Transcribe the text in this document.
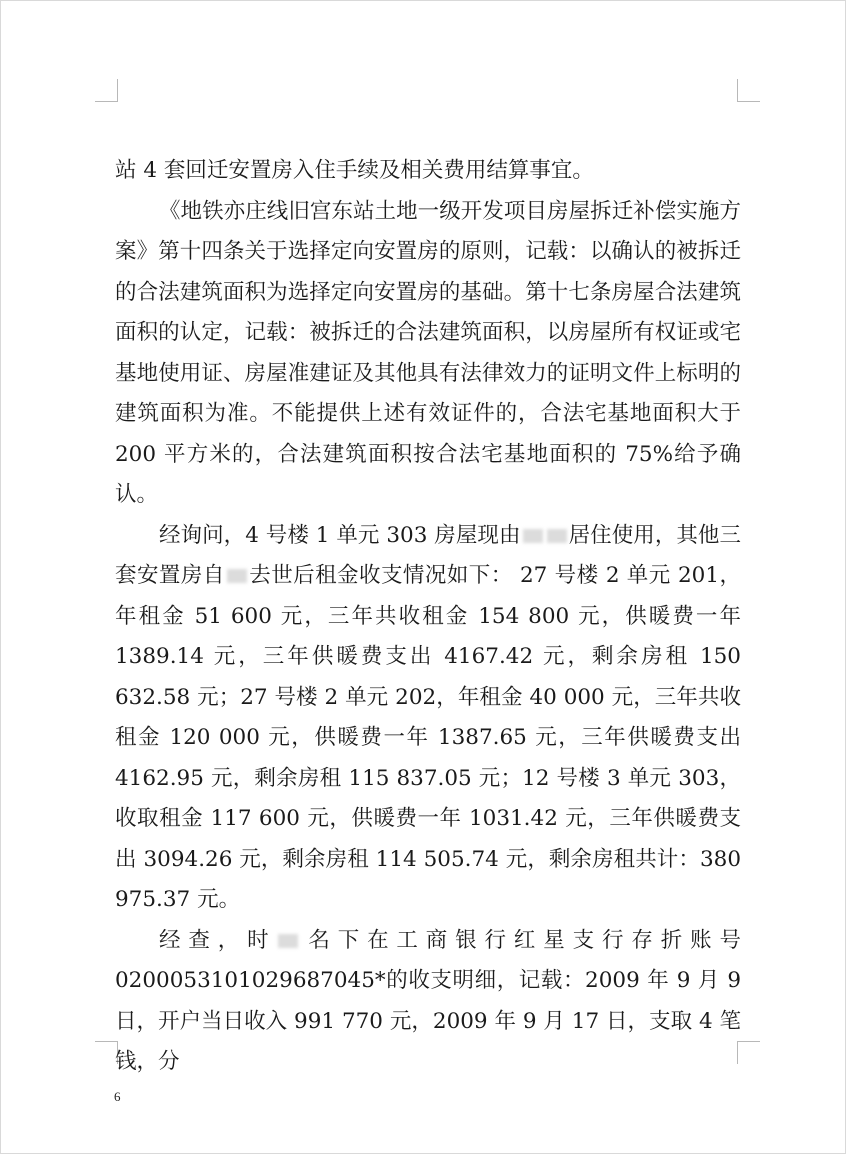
站 4 套回迁安置房入住手续及相关费用结算事宜。

《地铁亦庄线旧宫东站土地一级开发项目房屋拆迁补偿实施方案》第十四条关于选择定向安置房的原则，记载：以确认的被拆迁的合法建筑面积为选择定向安置房的基础。第十七条房屋合法建筑面积的认定，记载：被拆迁的合法建筑面积，以房屋所有权证或宅基地使用证、房屋准建证及其他具有法律效力的证明文件上标明的建筑面积为准。不能提供上述有效证件的，合法宅基地面积大于 200 平方米的，合法建筑面积按合法宅基地面积的 75%给予确认。

经询问，4 号楼 1 单元 303 房屋现由 居住使用，其他三套安置房自 去世后租金收支情况如下： 27 号楼 2 单元 201，年租金 51 600 元，三年共收租金 154 800 元，供暖费一年 1389.14 元，三年供暖费支出 4167.42 元，剩余房租 150 632.58 元；27 号楼 2 单元 202，年租金 40 000 元，三年共收租金 120 000 元，供暖费一年 1387.65 元，三年供暖费支出 4162.95 元，剩余房租 115 837.05 元；12 号楼 3 单元 303，收取租金 117 600 元，供暖费一年 1031.42 元，三年供暖费支出 3094.26 元，剩余房租 114 505.74 元，剩余房租共计：380 975.37 元。

经查，时 名下在工商银行红星支行存折账号 0200053101029687045*的收支明细，记载：2009 年 9 月 9 日，开户当日收入 991 770 元，2009 年 9 月 17 日，支取 4 笔钱，分

6
